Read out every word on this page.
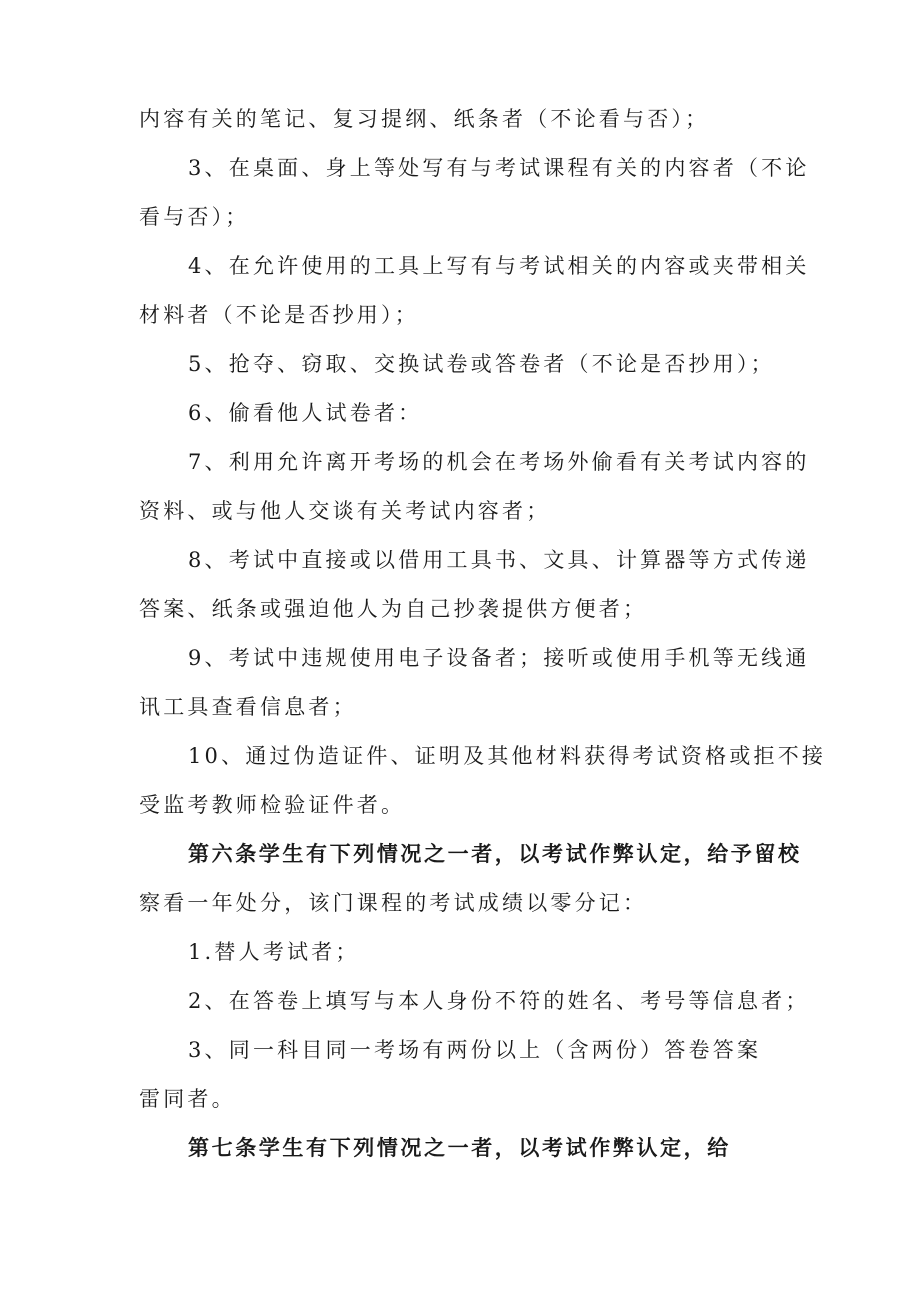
内容有关的笔记、复习提纲、纸条者（不论看与否）；
3、在桌面、身上等处写有与考试课程有关的内容者（不论
看与否）；
4、在允许使用的工具上写有与考试相关的内容或夹带相关
材料者（不论是否抄用）；
5、抢夺、窃取、交换试卷或答卷者（不论是否抄用）；
6、偷看他人试卷者：
7、利用允许离开考场的机会在考场外偷看有关考试内容的
资料、或与他人交谈有关考试内容者；
8、考试中直接或以借用工具书、文具、计算器等方式传递
答案、纸条或强迫他人为自己抄袭提供方便者；
9、考试中违规使用电子设备者；接听或使用手机等无线通
讯工具查看信息者；
10、通过伪造证件、证明及其他材料获得考试资格或拒不接
受监考教师检验证件者。
第六条学生有下列情况之一者，以考试作弊认定，给予留校
察看一年处分，该门课程的考试成绩以零分记：
1.替人考试者；
2、在答卷上填写与本人身份不符的姓名、考号等信息者；
3、同一科目同一考场有两份以上（含两份）答卷答案
雷同者。
第七条学生有下列情况之一者，以考试作弊认定，给
